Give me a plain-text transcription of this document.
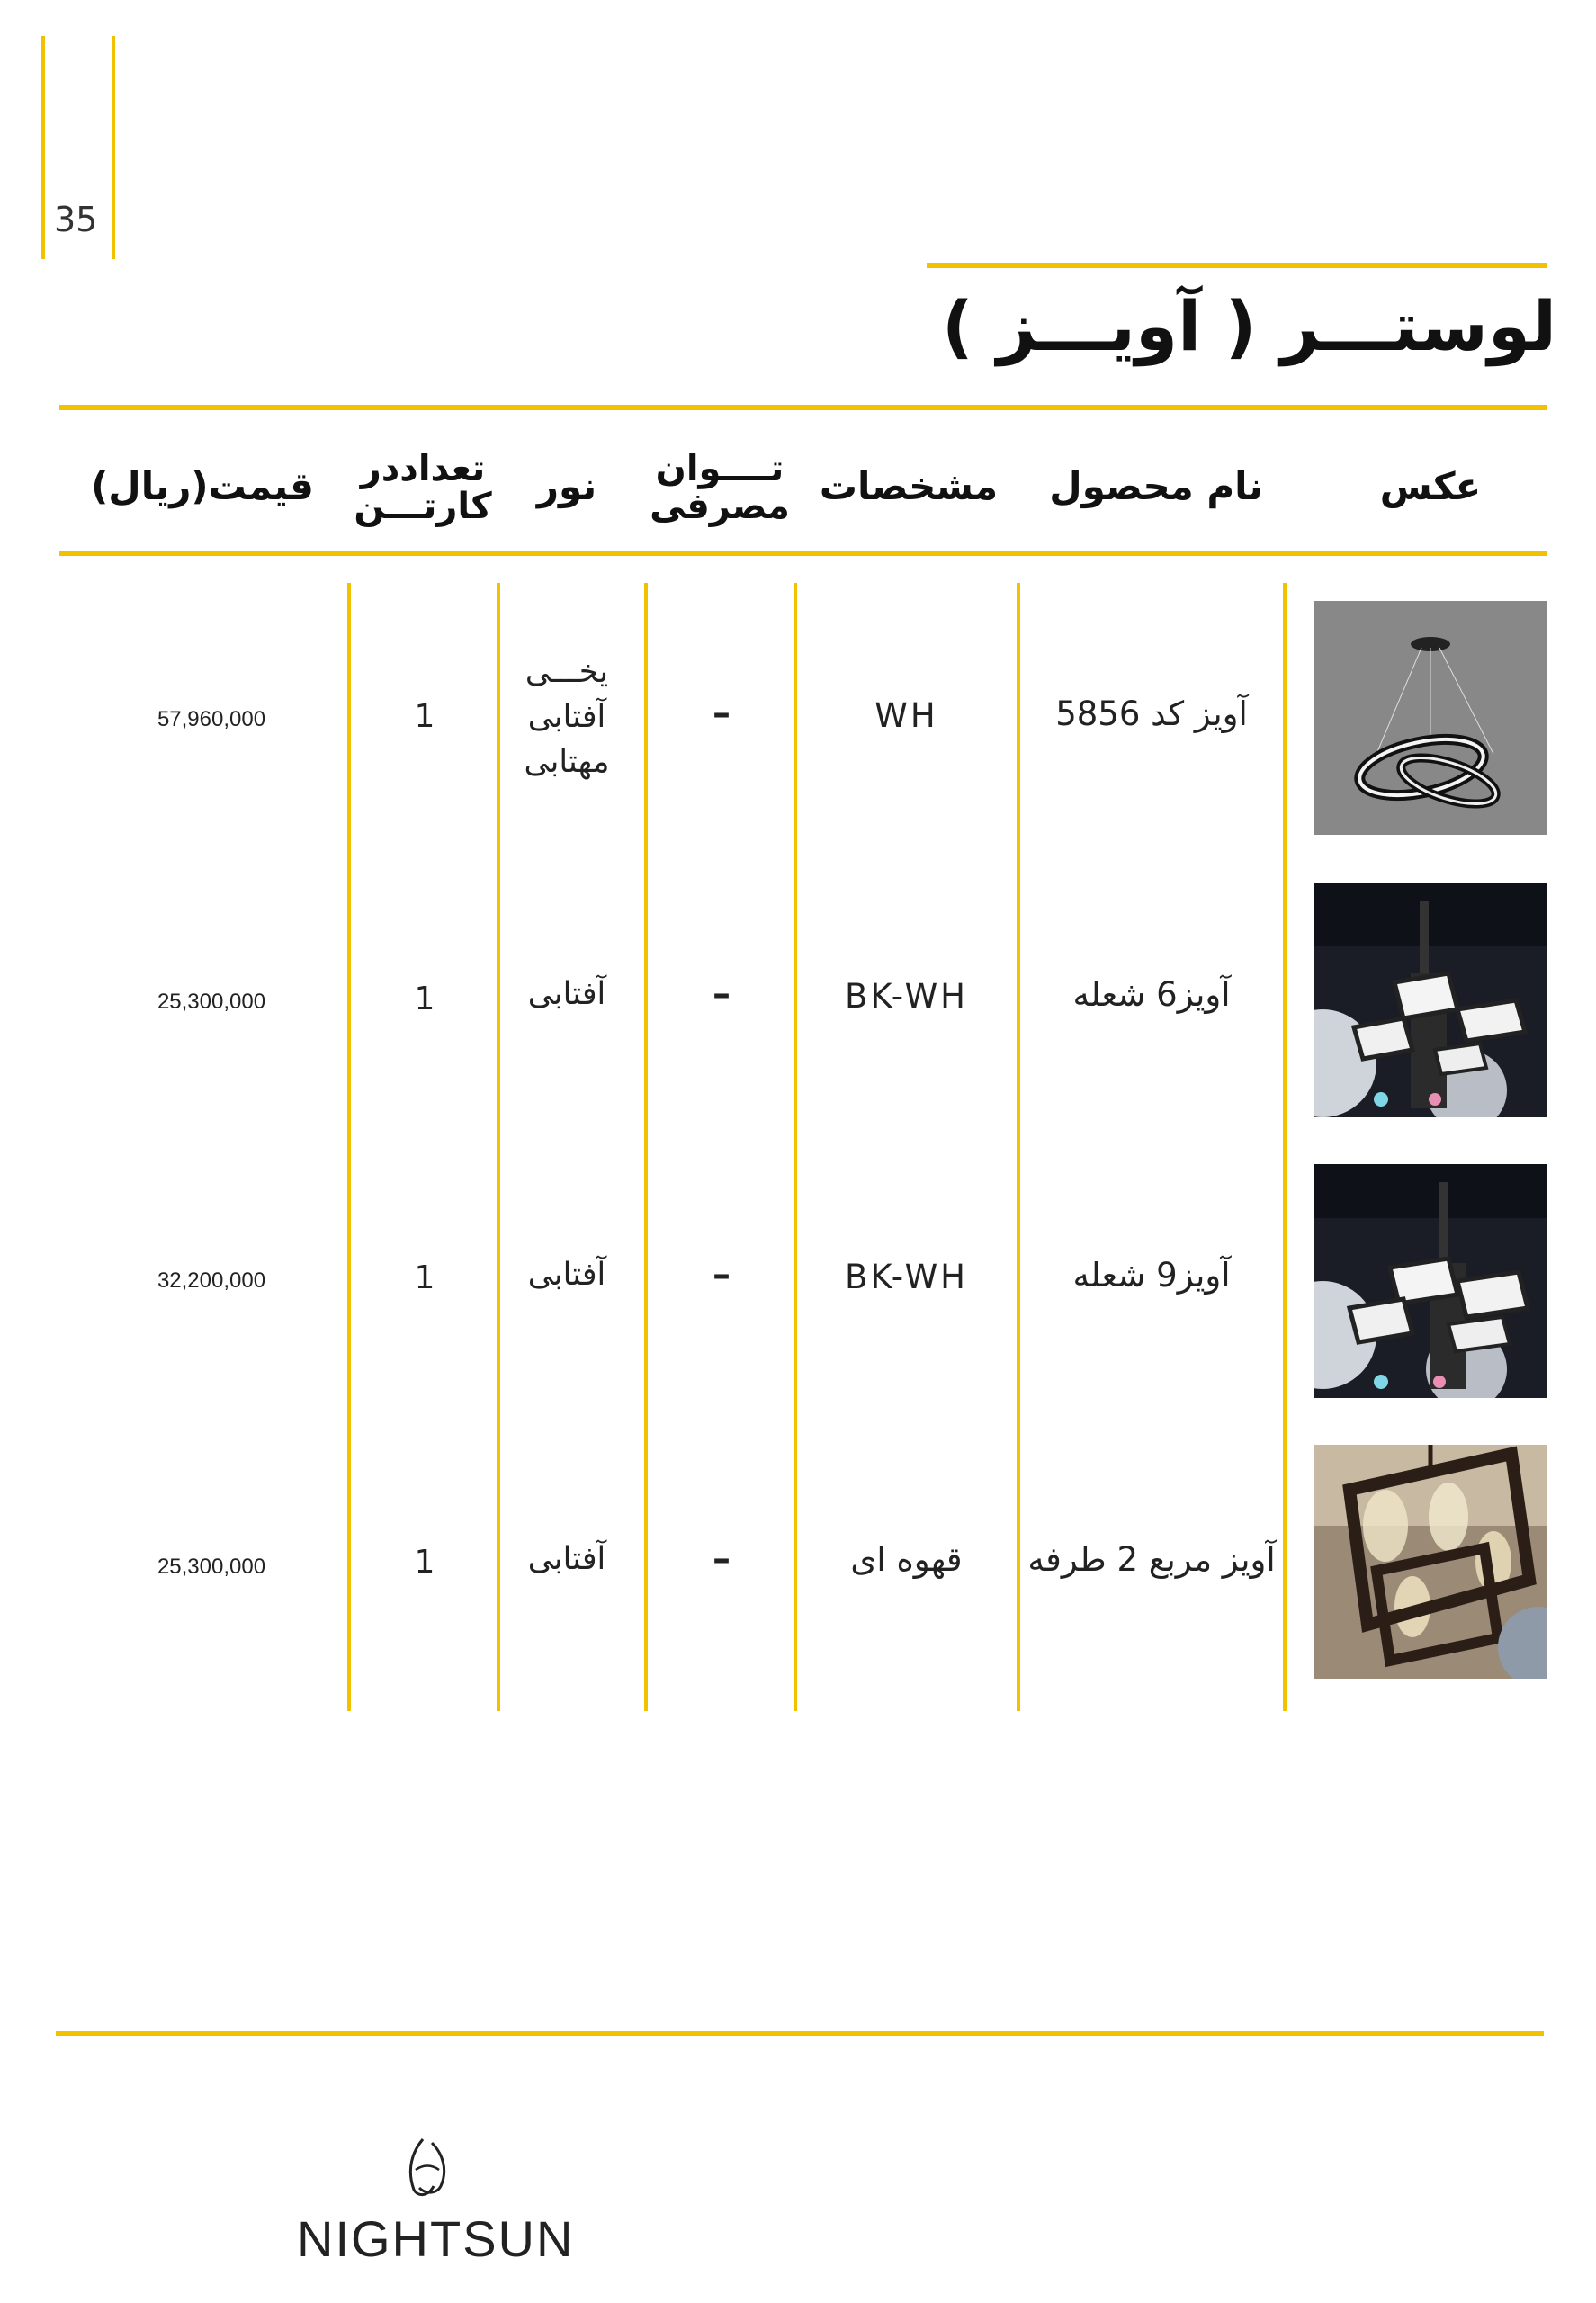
35
لوستـــر ( آویـــز )
عکس
نام محصول
مشخصات
تــــوان
مصرفی
نور
تعدادد‌ر
کارتـــن
قیمت(ریال)
آویز کد 5856
WH
–
یخـــی
آفتابی
مهتابی
1
57,960,000
آویز6 شعله
BK-WH
–
آفتابی
1
25,300,000
آویز9 شعله
BK-WH
–
آفتابی
1
32,200,000
آویز مربع 2 طرفه
قهوه ای
–
آفتابی
1
25,300,000
NIGHTSUN
